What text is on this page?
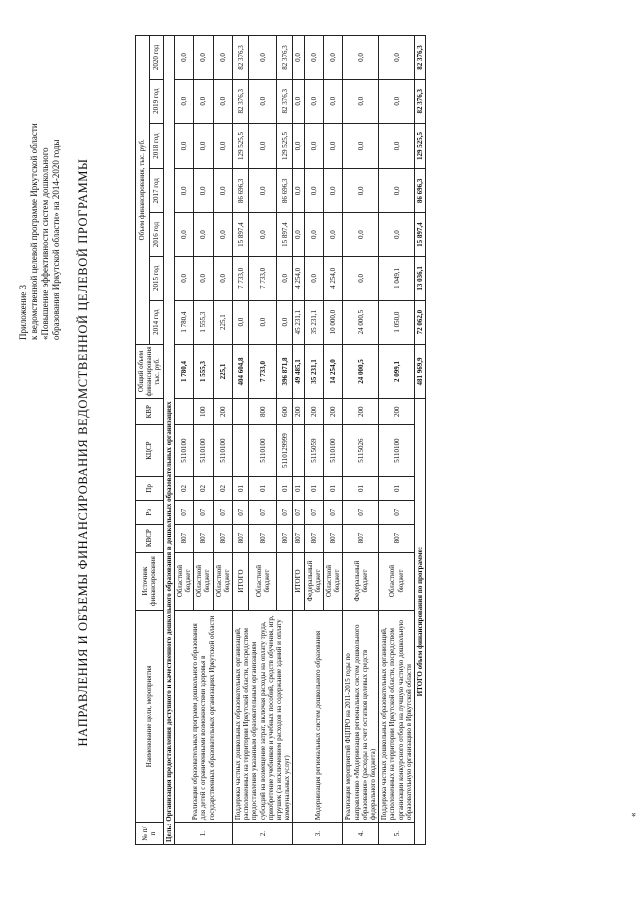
Приложение 3 к ведомственной целевой программе Иркутской области «Повышение эффективности систем дошкольного образования Иркутской области» на 2014-2020 годы НАПРАВЛЕНИЯ И ОБЪЕМЫ ФИНАНСИРОВАНИЯ ВЕДОМСТВЕННОЙ ЦЕЛЕВОЙ ПРОГРАММЫ
№ п/п	Наименование цели, мероприятия	Источник финансирования	КВСР	Рз	Пр	КЦСР	КВР	Общий объем финансирования тыс. руб.	Объем финансирования, тыс. руб.						
									2014 год	2015 год	2016 год	2017 год	2018 год	2019 год	2020 год
Цель: Организация предоставления доступного и качественного дошкольного образования в дошкольных образовательных организациях															
1.	Реализация образовательных программ дошкольного образования для детей с ограниченными возможностями здоровья в государственных образовательных организациях Иркутской области	Областной бюджет	807	07	02	5110100		1 780,4	1 780,4	0,0	0,0	0,0	0,0	0,0	0,0
		Областной бюджет	807	07	02	5110100	100	1 555,3	1 555,3	0,0	0,0	0,0	0,0	0,0	0,0
		Областной бюджет	807	07	02	5110100	200	225,1	225,1	0,0	0,0	0,0	0,0	0,0	0,0
2.	Поддержка частных дошкольных образовательных организаций, расположенных на территории Иркутской области, посредством предоставления указанным образовательным организациям субсидий на возмещение затрат, включая расходы на оплату труда, приобретение учебников и учебных пособий, средств обучения, игр, игрушек (за исключением расходов на содержание зданий и оплату коммунальных услуг)	ИТОГО	807	07	01			404 604,8	0,0	7 733,0	15 897,4	86 696,3	129 525,5	82 376,3	82 376,3
		Областной бюджет	807	07	01	5110100	800	7 733,0	0,0	7 733,0	0,0	0,0	0,0	0,0	0,0
			807	07	01	5110129999	600	396 871,8	0,0	0,0	15 897,4	86 696,3	129 525,5	82 376,3	82 376,3
3.	Модернизация региональных систем дошкольного образования	ИТОГО	807	07	01		200	49 485,1	45 231,1	4 254,0	0,0	0,0	0,0	0,0	0,0
		Федеральный бюджет	807	07	01	5115059	200	35 231,1	35 231,1	0,0	0,0	0,0	0,0	0,0	0,0
		Областной бюджет	807	07	01	5110100	200	14 254,0	10 000,0	4 254,0	0,0	0,0	0,0	0,0	0,0
4.	Реализация мероприятий ФЦПРО на 2011-2015 годы по направлению «Модернизация региональных систем дошкольного образования» (расходы на счет остатков целевых средств федерального бюджета)	Федеральный бюджет	807	07	01	5115026	200	24 000,5	24 000,5	0,0	0,0	0,0	0,0	0,0	0,0
5.	Поддержка частных дошкольных образовательных организаций, расположенных на территории Иркутской области, посредством организации конкурсного отбора на лучшую частную дошкольную образовательную организацию в Иркутской области	Областной бюджет	807	07	01	5110100	200	2 099,1	1 050,0	1 049,1	0,0	0,0	0,0	0,0	0,0
ИТОГО объем финансирования по программе:								481 969,9	72 062,0	13 036,1	15 897,4	86 696,3	129 525,5	82 376,3	82 376,3
«
